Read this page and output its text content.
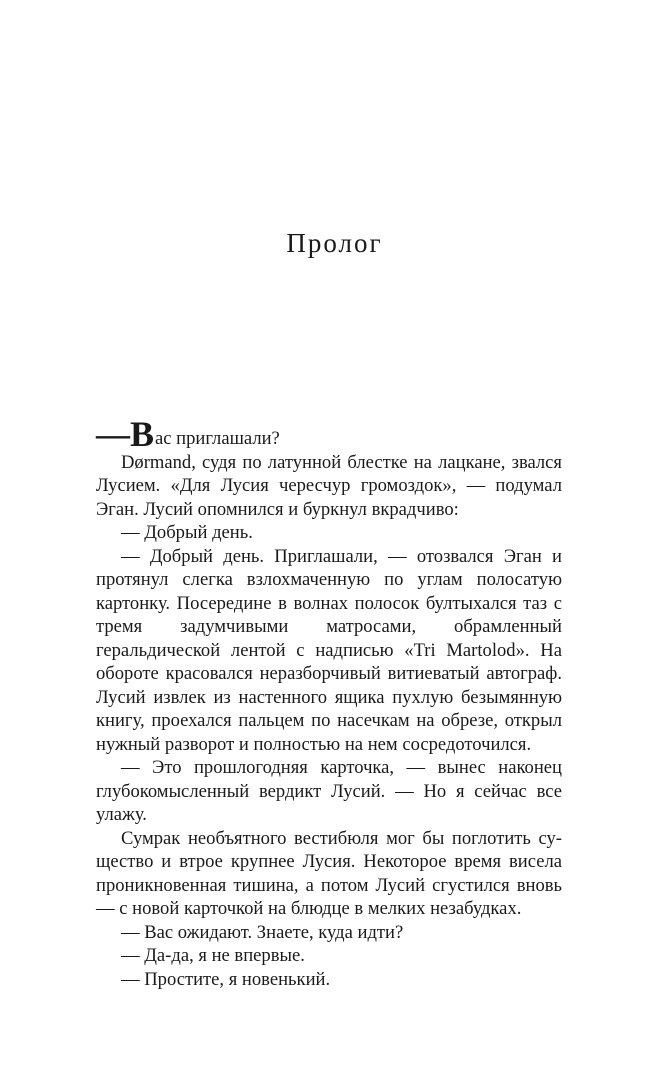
Пролог

—Вас приглашали?

Dørmand, судя по латунной блестке на лацкане, звался Лусием. «Для Лусия чересчур громоздок», — подумал Эган. Лусий опомнился и буркнул вкрадчиво:

— Добрый день.

— Добрый день. Приглашали, — отозвался Эган и протянул слегка взлохмаченную по углам полосатую картонку. Посередине в волнах полосок бултыхался таз с тремя задумчивыми матросами, обрамленный геральдической лентой с надписью «Tri Martolod». На обороте красовался неразборчивый витиеватый автограф. Лусий извлек из настенного ящика пухлую безымянную книгу, проехался пальцем по насечкам на обрезе, открыл нужный разворот и полностью на нем сосредоточился.

— Это прошлогодняя карточка, — вынес наконец глубокомысленный вердикт Лусий. — Но я сейчас все улажу.

Сумрак необъятного вестибюля мог бы поглотить существо и втрое крупнее Лусия. Некоторое время висела проникновенная тишина, а потом Лусий сгустился вновь — с новой карточкой на блюдце в мелких незабудках.

— Вас ожидают. Знаете, куда идти?

— Да-да, я не впервые.

— Простите, я новенький.
